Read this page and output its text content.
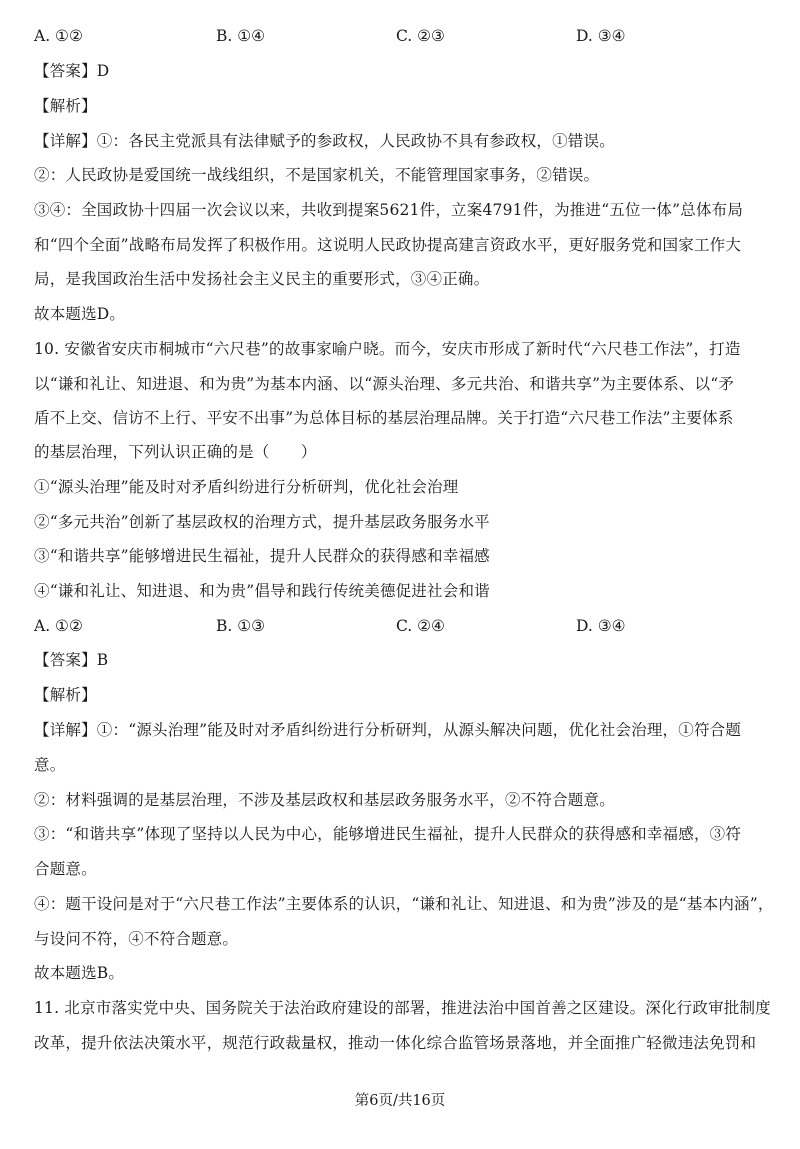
A. ①②	B. ①④	C. ②③	D. ③④
【答案】D
【解析】
【详解】①：各民主党派具有法律赋予的参政权，人民政协不具有参政权，①错误。
②：人民政协是爱国统一战线组织，不是国家机关，不能管理国家事务，②错误。
③④：全国政协十四届一次会议以来，共收到提案5621件，立案4791件，为推进“五位一体”总体布局
和“四个全面”战略布局发挥了积极作用。这说明人民政协提高建言资政水平，更好服务党和国家工作大
局，是我国政治生活中发扬社会主义民主的重要形式，③④正确。
故本题选D。
10. 安徽省安庆市桐城市“六尺巷”的故事家喻户晓。而今，安庆市形成了新时代“六尺巷工作法”，打造
以“谦和礼让、知进退、和为贵”为基本内涵、以“源头治理、多元共治、和谐共享”为主要体系、以“矛
盾不上交、信访不上行、平安不出事”为总体目标的基层治理品牌。关于打造“六尺巷工作法”主要体系
的基层治理，下列认识正确的是（　　）
①“源头治理”能及时对矛盾纠纷进行分析研判，优化社会治理
②“多元共治”创新了基层政权的治理方式，提升基层政务服务水平
③“和谐共享”能够增进民生福祉，提升人民群众的获得感和幸福感
④“谦和礼让、知进退、和为贵”倡导和践行传统美德促进社会和谐
A. ①②	B. ①③	C. ②④	D. ③④
【答案】B
【解析】
【详解】①：“源头治理”能及时对矛盾纠纷进行分析研判，从源头解决问题，优化社会治理，①符合题
意。
②：材料强调的是基层治理，不涉及基层政权和基层政务服务水平，②不符合题意。
③：“和谐共享”体现了坚持以人民为中心，能够增进民生福祉，提升人民群众的获得感和幸福感，③符
合题意。
④：题干设问是对于“六尺巷工作法”主要体系的认识，“谦和礼让、知进退、和为贵”涉及的是“基本内涵”，
与设问不符，④不符合题意。
故本题选B。
11. 北京市落实党中央、国务院关于法治政府建设的部署，推进法治中国首善之区建设。深化行政审批制度
改革，提升依法决策水平，规范行政裁量权，推动一体化综合监管场景落地，并全面推广轻微违法免罚和
第6页/共16页
